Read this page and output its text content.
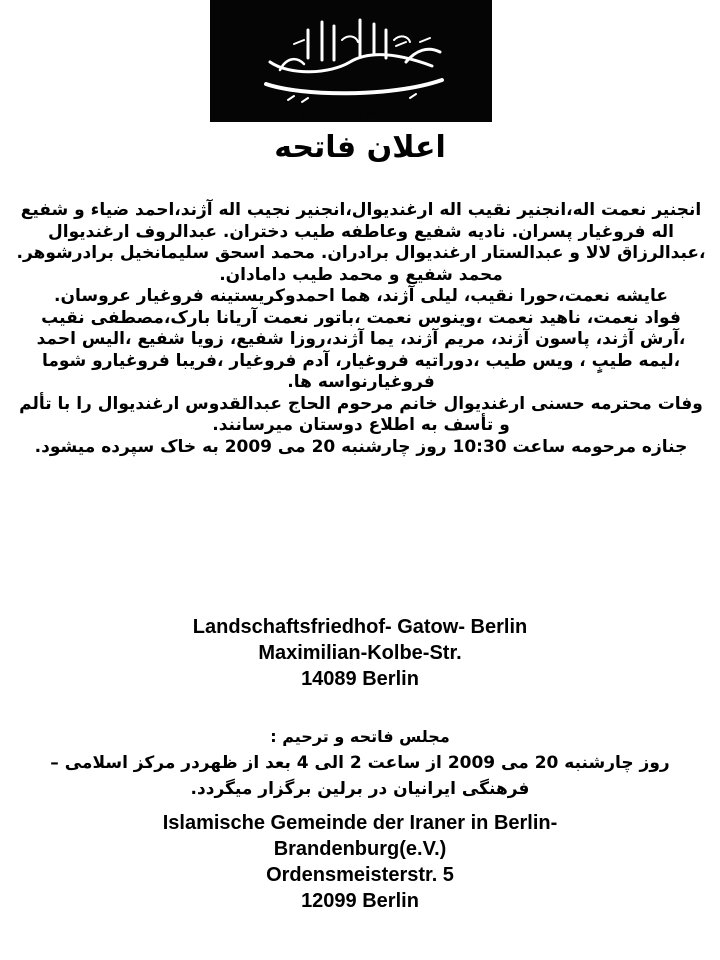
بسم الله الرحمن الرحيم
اعلان فاتحه

انجنیر نعمت اله،انجنیر نقیب اله ارغندیوال،انجنیر نجیب اله آژند،احمد ضیاء و شفیع اله فروغیار پسران. نادیه شفیع وعاطفه طیب دختران. عبدالروف ارغندیوال ،عبدالرزاق لالا و عبدالستار ارغندیوال برادران. محمد اسحق سلیمانخیل برادرشوهر.

محمد شفیع و محمد طیب دامادان.

عایشه نعمت،حورا نقیب، لیلی آژند، هما احمدوکریستینه فروغیار عروسان.

فواد نعمت، ناهید نعمت ،وینوس نعمت ،باتور نعمت آریانا بارک،مصطفی نقیب ،آرش آژند، پاسون آژند، مریم آژند، یما آژند،روزا شفیع، زویا شفیع ،الیس احمد ،لیمه طیبٍ ، ویس طیب ،دوراتیه فروغیار، آدم فروغیار ،فریبا فروغیارو شوما فروغیارنواسه ها.

وفات محترمه حسنی ارغندیوال خانم مرحوم الحاج عبدالقدوس ارغندیوال را با تألم و تأسف به اطلاع دوستان میرسانند.

جنازه مرحومه ساعت 10:30 روز چارشنبه 20 می 2009 به خاک سپرده میشود.

Landschaftsfriedhof- Gatow- Berlin
Maximilian-Kolbe-Str.
14089 Berlin
مجلس فاتحه و ترحیم :
روز چارشنبه 20 می 2009 از ساعت 2 الی 4 بعد از ظهردر مرکز اسلامی –فرهنگی ایرانیان در برلین برگزار میگردد.
Islamische Gemeinde der Iraner in Berlin-
Brandenburg(e.V.)
Ordensmeisterstr. 5
12099 Berlin
